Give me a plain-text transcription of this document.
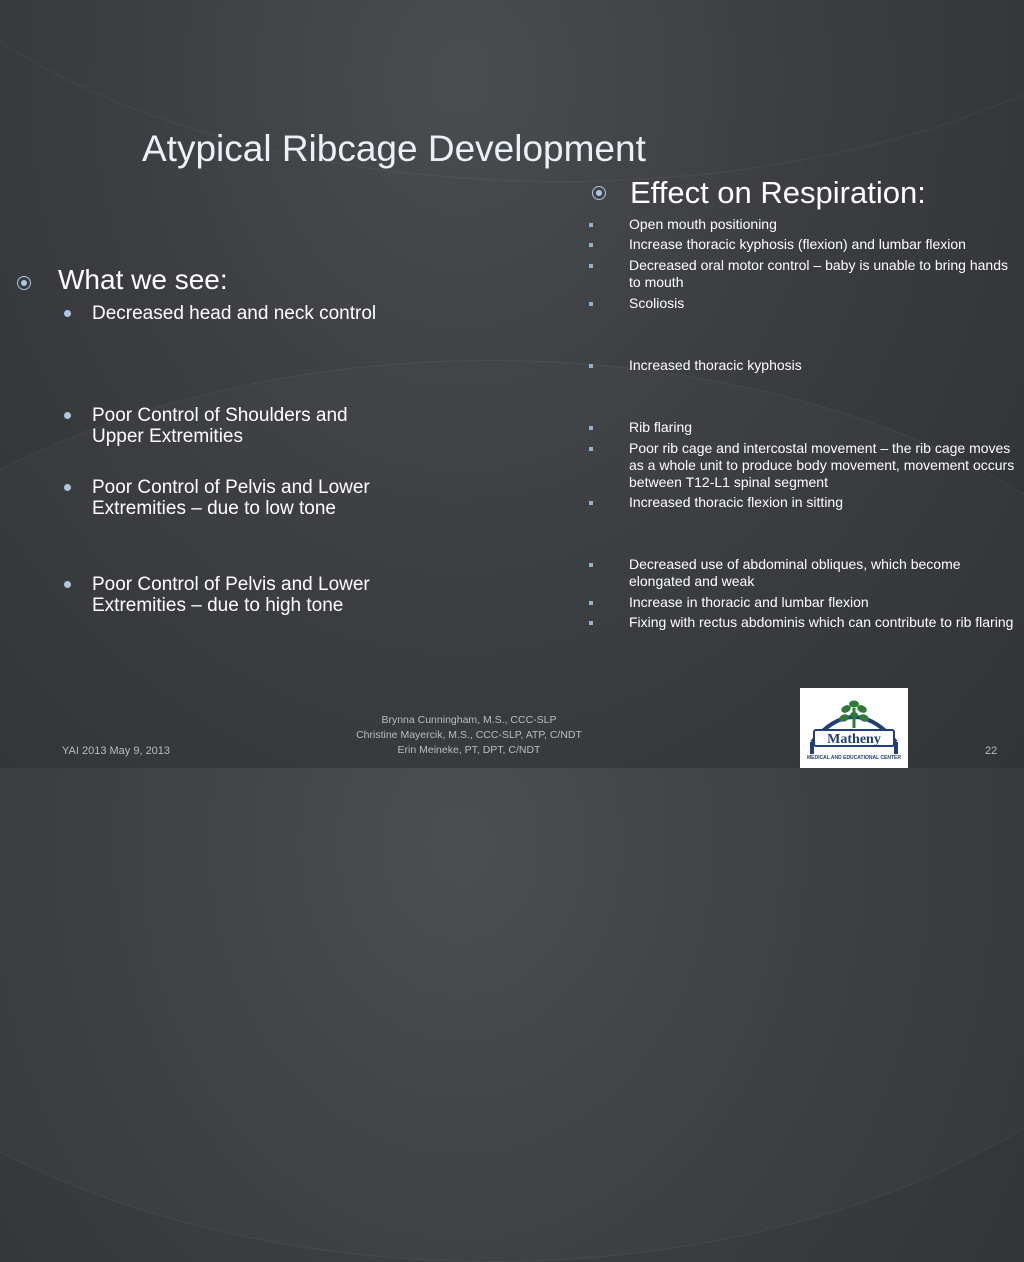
Atypical Ribcage Development
Effect on Respiration:
Open mouth positioning
Increase thoracic kyphosis (flexion) and lumbar flexion
Decreased oral motor control – baby is unable to bring hands to mouth
Scoliosis
Increased thoracic kyphosis
Rib flaring
Poor rib cage and intercostal movement – the rib cage moves as a whole unit to produce body movement, movement occurs between T12-L1 spinal segment
Increased thoracic flexion in sitting
Decreased use of abdominal obliques, which become elongated and weak
Increase in thoracic and lumbar flexion
Fixing with rectus abdominis which can contribute to rib flaring
What we see:
Decreased head and neck control
Poor Control of Shoulders and Upper Extremities
Poor Control of Pelvis and Lower Extremities – due to low tone
Poor Control of Pelvis and Lower Extremities – due to high tone
YAI 2013 May 9, 2013
Brynna Cunningham, M.S., CCC-SLP
Christine Mayercik, M.S., CCC-SLP, ATP, C/NDT
Erin Meineke, PT, DPT, C/NDT	22
Matheny
MEDICAL AND EDUCATIONAL CENTER
